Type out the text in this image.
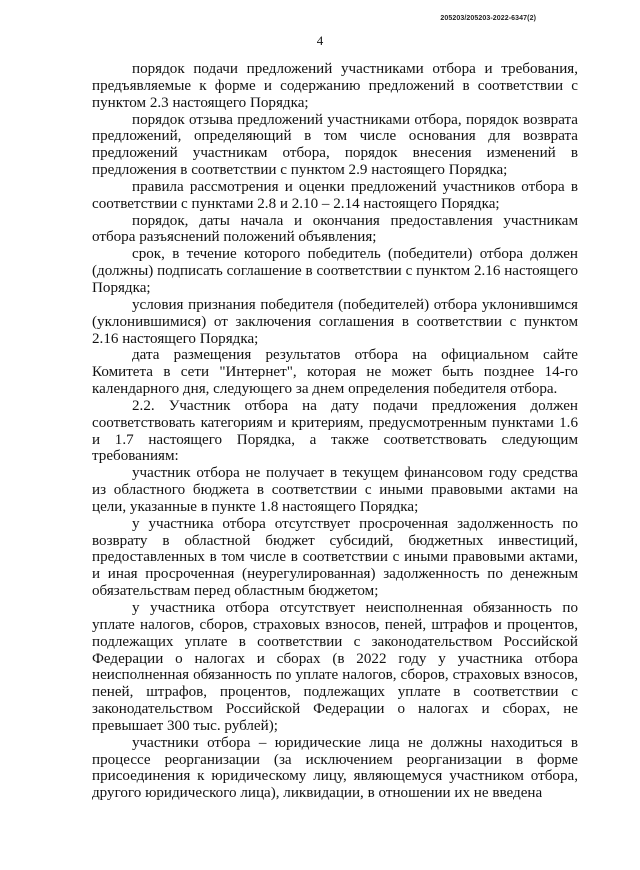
205203/205203-2022-6347(2)
4

порядок подачи предложений участниками отбора и требования, предъявляемые к форме и содержанию предложений в соответствии с пунктом 2.3 настоящего Порядка;

порядок отзыва предложений участниками отбора, порядок возврата предложений, определяющий в том числе основания для возврата предложений участникам отбора, порядок внесения изменений в предложения в соответствии с пунктом 2.9 настоящего Порядка;

правила рассмотрения и оценки предложений участников отбора в соответствии с пунктами 2.8 и 2.10 – 2.14 настоящего Порядка;

порядок, даты начала и окончания предоставления участникам отбора разъяснений положений объявления;

срок, в течение которого победитель (победители) отбора должен (должны) подписать соглашение в соответствии с пунктом 2.16 настоящего Порядка;

условия признания победителя (победителей) отбора уклонившимся (уклонившимися) от заключения соглашения в соответствии с пунктом 2.16 настоящего Порядка;

дата размещения результатов отбора на официальном сайте Комитета в сети "Интернет", которая не может быть позднее 14-го календарного дня, следующего за днем определения победителя отбора.

2.2. Участник отбора на дату подачи предложения должен соответствовать категориям и критериям, предусмотренным пунктами 1.6 и 1.7 настоящего Порядка, а также соответствовать следующим требованиям:

участник отбора не получает в текущем финансовом году средства из областного бюджета в соответствии с иными правовыми актами на цели, указанные в пункте 1.8 настоящего Порядка;

у участника отбора отсутствует просроченная задолженность по возврату в областной бюджет субсидий, бюджетных инвестиций, предоставленных в том числе в соответствии с иными правовыми актами, и иная просроченная (неурегулированная) задолженность по денежным обязательствам перед областным бюджетом;

у участника отбора отсутствует неисполненная обязанность по уплате налогов, сборов, страховых взносов, пеней, штрафов и процентов, подлежащих уплате в соответствии с законодательством Российской Федерации о налогах и сборах (в 2022 году у участника отбора неисполненная обязанность по уплате налогов, сборов, страховых взносов, пеней, штрафов, процентов, подлежащих уплате в соответствии с законодательством Российской Федерации о налогах и сборах, не превышает 300 тыс. рублей);

участники отбора – юридические лица не должны находиться в процессе реорганизации (за исключением реорганизации в форме присоединения к юридическому лицу, являющемуся участником отбора, другого юридического лица), ликвидации, в отношении их не введена
